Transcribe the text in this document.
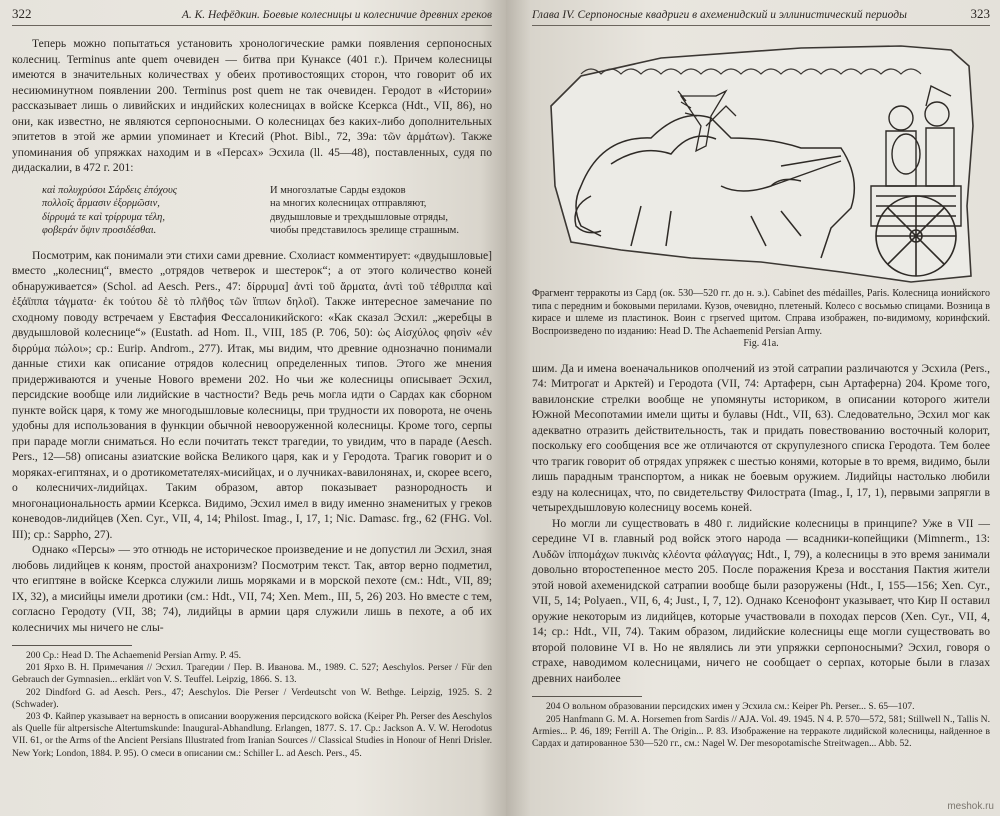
322	А. К. Нефёдкин. Боевые колесницы и колесничие древних греков

Теперь можно попытаться установить хронологические рамки появления серпоносных колесниц. Terminus ante quem очевиден — битва при Кунаксе (401 г.). Причем колесницы имеются в значительных количествах у обеих противостоящих сторон, что говорит об их несиюминутном появлении 200. Terminus post quem не так очевиден. Геродот в «Истории» рассказывает лишь о ливийских и индийских колесницах в войске Ксеркса (Hdt., VII, 86), но они, как известно, не являются серпоносными. О колесницах без каких-либо дополнительных эпитетов в этой же армии упоминает и Ктесий (Phot. Bibl., 72, 39a: τῶν ἁρμάτων). Также упоминания об упряжках находим и в «Персах» Эсхила (ll. 45—48), поставленных, судя по дидаскалии, в 472 г. 201:

καὶ πολυχρύσοι Σάρδεις ἐπόχους
πολλοῖς ἅρμασιν ἐξορμῶσιν,
δίρρυμά τε καὶ τρίρρυμα τέλη,
φοβεράν ὄψιν προσιδέσθαι.
И многозлатые Сарды ездоков
на многих колесницах отправляют,
двудышловые и трехдышловые отряды,
чиобы представилось зрелище страшным.

Посмотрим, как понимали эти стихи сами древние. Схолиаст комментирует: «двудышловые] вместо „колесниц“, вместо „отрядов четверок и шестерок“; а от этого количество коней обнаруживается» (Schol. ad Aesch. Pers., 47: δίρρυμα] ἀντὶ τοῦ ἅρματα, ἀντὶ τοῦ τέθριππα καὶ ἑξάϊππα τάγματα· ἐκ τούτου δὲ τὸ πλῆθος τῶν ἵππων δηλοῖ). Также интересное замечание по сходному поводу встречаем у Евстафия Фессалоникийского: «Как сказал Эсхил: „жеребцы в двудышловой колеснице“» (Eustath. ad Hom. Il., VIII, 185 (P. 706, 50): ὡς Αἰσχύλος φησὶν «ἐν διρρύμα πώλοι»; ср.: Eurip. Androm., 277). Итак, мы видим, что древние однозначно понимали данные стихи как описание отрядов колесниц определенных типов. Этого же мнения придерживаются и ученые Нового времени 202. Но чьи же колесницы описывает Эсхил, персидские вообще или лидийские в частности? Ведь речь могла идти о Сардах как сборном пункте войск царя, к тому же многодышловые колесницы, при трудности их поворота, не очень удобны для использования в функции обычной невооруженной колесницы. Кроме того, серпы при параде могли сниматься. Но если почитать текст трагедии, то увидим, что в параде (Aesch. Pers., 12—58) описаны азиатские войска Великого царя, как и у Геродота. Трагик говорит и о моряках-египтянах, и о дротикометателях-мисийцах, и о лучниках-вавилонянах, и, скорее всего, о колесничих-лидийцах. Таким образом, автор показывает разнородность и многонациональность армии Ксеркса. Видимо, Эсхил имел в виду именно знаменитых у греков коневодов-лидийцев (Xen. Cyr., VII, 4, 14; Philost. Imag., I, 17, 1; Nic. Damasc. frg., 62 (FHG. Vol. III); ср.: Sappho, 27).

Однако «Персы» — это отнюдь не историческое произведение и не допустил ли Эсхил, зная любовь лидийцев к коням, простой анахронизм? Посмотрим текст. Так, автор верно подметил, что египтяне в войске Ксеркса служили лишь моряками и в морской пехоте (см.: Hdt., VII, 89; IX, 32), а мисийцы имели дротики (см.: Hdt., VII, 74; Xen. Mem., III, 5, 26) 203. Но вместе с тем, согласно Геродоту (VII, 38; 74), лидийцы в армии царя служили лишь в пехоте, а об их колесничих мы ничего не слы-

200 Ср.: Head D. The Achaemenid Persian Army. P. 45.

201 Ярхо В. Н. Примечания // Эсхил. Трагедии / Пер. В. Иванова. М., 1989. С. 527; Aeschylos. Perser / Für den Gebrauch der Gymnasien... erklärt von V. S. Teuffel. Leipzig, 1866. S. 13.

202 Dindford G. ad Aesch. Pers., 47; Aeschylos. Die Perser / Verdeutscht von W. Bethge. Leipzig, 1925. S. 2 (Schwader).

203 Ф. Кайпер указывает на верность в описании вооружения персидского войска (Keiper Ph. Perser des Aeschylos als Quelle für altpersische Altertumskunde: Inaugural-Abhandlung. Erlangen, 1877. S. 17. Ср.: Jackson A. V. W. Herodotus VII. 61, or the Arms of the Ancient Persians Illustrated from Iranian Sources // Classical Studies in Honour of Henri Drisler. New York; London, 1884. P. 95). О смеси в описании см.: Schiller L. ad Aesch. Pers., 45.

Глава IV. Серпоносные квадриги в ахеменидский и эллинистический периоды	323

Фрагмент терракоты из Сард (ок. 530—520 гг. до н. э.). Cabinet des médailles, Paris. Колесница ионийского типа с передним и боковыми перилами. Кузов, очевидно, плетеный. Колесо с восьмью спицами. Возница в кирасе и шлеме из пластинок. Воин с грserved щитом. Справа изображен, по-видимому, коринфский. Воспроизведено по изданию: Head D. The Achaemenid Persian Army.
Fig. 41a.

шим. Да и имена военачальников ополчений из этой сатрапии различаются у Эсхила (Pers., 74: Митрогат и Арктей) и Геродота (VII, 74: Артаферн, сын Артаферна) 204. Кроме того, вавилонские стрелки вообще не упомянуты историком, в описании которого жители Южной Месопотамии имели щиты и булавы (Hdt., VII, 63). Следовательно, Эсхил мог как адекватно отразить действительность, так и придать повествованию восточный колорит, поскольку его сообщения все же отличаются от скрупулезного списка Геродота. Тем более что трагик говорит об отрядах упряжек с шестью конями, которые в то время, видимо, были лишь парадным транспортом, а никак не боевым оружием. Лидийцы настолько любили езду на колесницах, что, по свидетельству Филострата (Imag., I, 17, 1), первыми запрягли в четырехдышловую колесницу восемь коней.

Но могли ли существовать в 480 г. лидийские колесницы в принципе? Уже в VII — середине VI в. главный род войск этого народа — всадники-копейщики (Mimnerm., 13: Λυδῶν ἱππομάχων πυκινὰς κλέοντα φάλαγγας; Hdt., I, 79), а колесницы в это время занимали довольно второстепенное место 205. После поражения Креза и восстания Пактия жители этой новой ахеменидской сатрапии вообще были разоружены (Hdt., I, 155—156; Xen. Cyr., VII, 5, 14; Polyaen., VII, 6, 4; Just., I, 7, 12). Однако Ксенофонт указывает, что Кир II оставил оружие некоторым из лидийцев, которые участвовали в походах персов (Xen. Cyr., VII, 4, 14; ср.: Hdt., VII, 74). Таким образом, лидийские колесницы еще могли существовать во второй половине VI в. Но не являлись ли эти упряжки серпоносными? Эсхил, говоря о страхе, наводимом колесницами, ничего не сообщает о серпах, которые были в глазах древних наиболее

204 О вольном образовании персидских имен у Эсхила см.: Keiper Ph. Perser... S. 65—107.

205 Hanfmann G. M. A. Horsemen from Sardis // AJA. Vol. 49. 1945. N 4. P. 570—572, 581; Stillwell N., Tallis N. Armies... P. 46, 189; Ferrill A. The Origin... P. 83. Изображение на терракоте лидийской колесницы, найденное в Сардах и датированное 530—520 гг., см.: Nagel W. Der mesopotamische Streitwagen... Abb. 52.

meshok.ru
